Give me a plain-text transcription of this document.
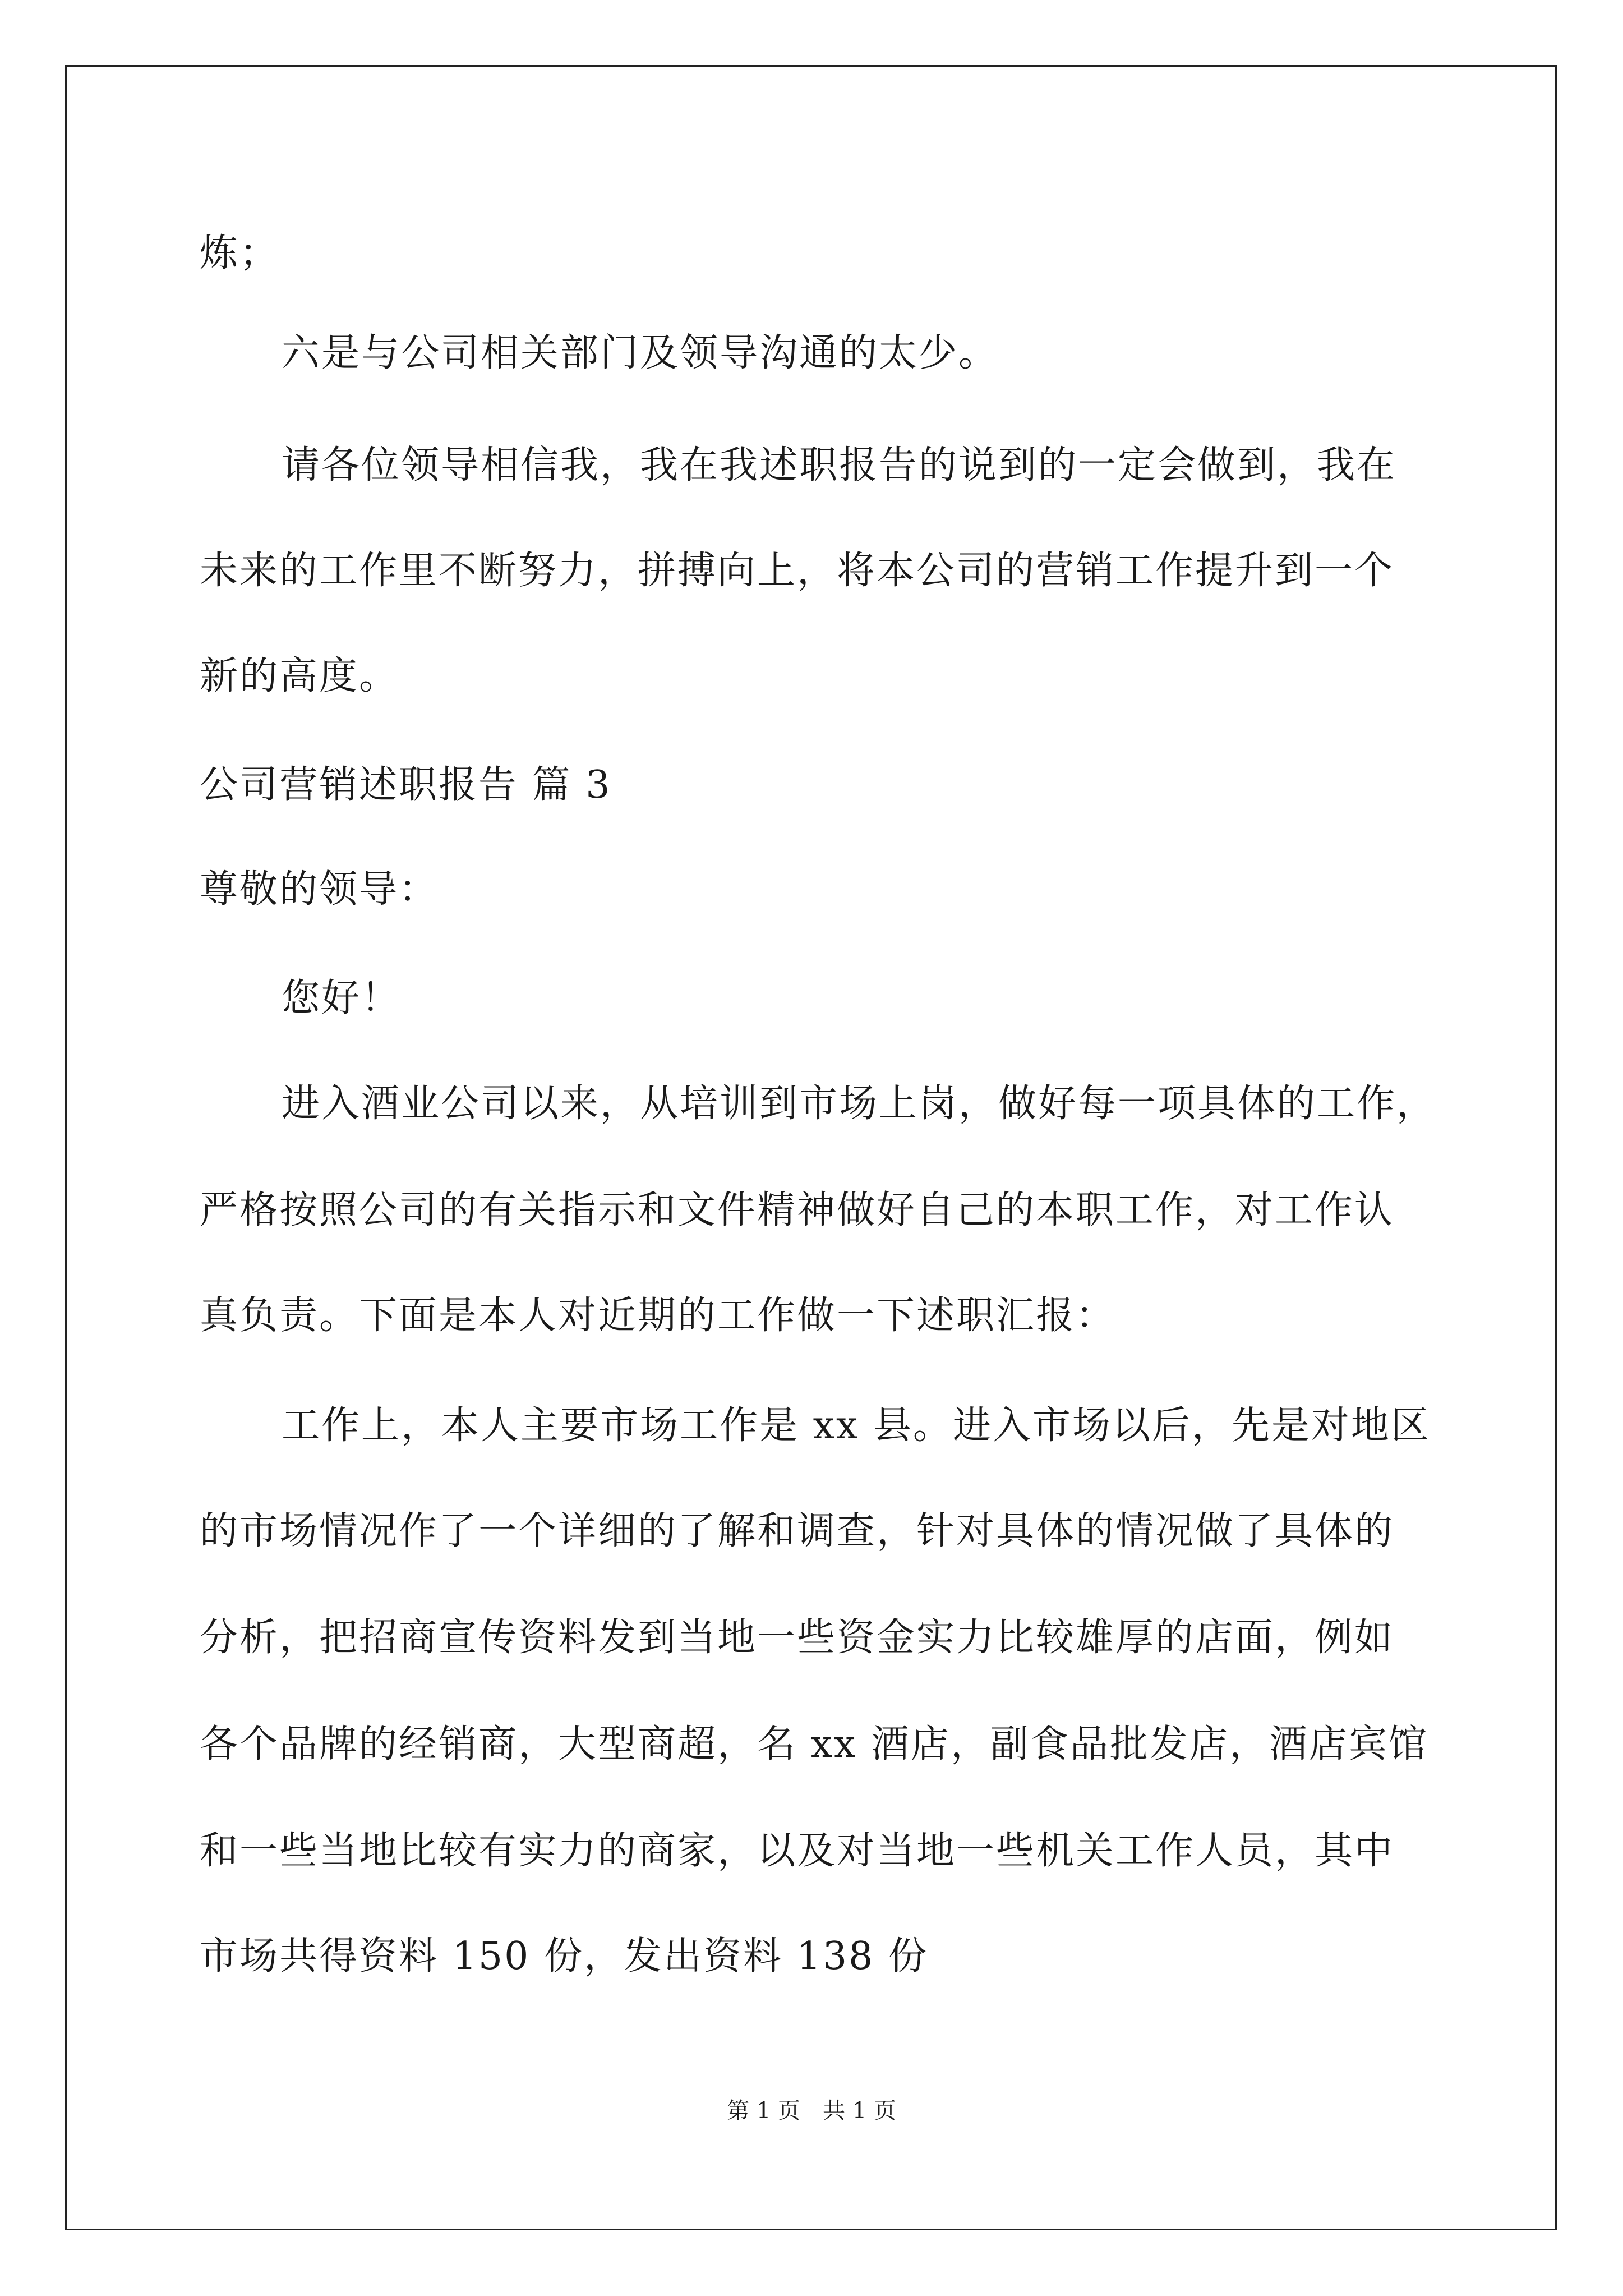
炼；
六是与公司相关部门及领导沟通的太少。
请各位领导相信我，我在我述职报告的说到的一定会做到，我在
未来的工作里不断努力，拼搏向上，将本公司的营销工作提升到一个
新的高度。
公司营销述职报告 篇 3
尊敬的领导：
您好！
进入酒业公司以来，从培训到市场上岗，做好每一项具体的工作，
严格按照公司的有关指示和文件精神做好自己的本职工作，对工作认
真负责。下面是本人对近期的工作做一下述职汇报：
工作上，本人主要市场工作是 xx 县。进入市场以后，先是对地区
的市场情况作了一个详细的了解和调查，针对具体的情况做了具体的
分析，把招商宣传资料发到当地一些资金实力比较雄厚的店面，例如
各个品牌的经销商，大型商超，名 xx 酒店，副食品批发店，酒店宾馆
和一些当地比较有实力的商家，以及对当地一些机关工作人员，其中
市场共得资料 150 份，发出资料 138 份
第 1 页　共 1 页
